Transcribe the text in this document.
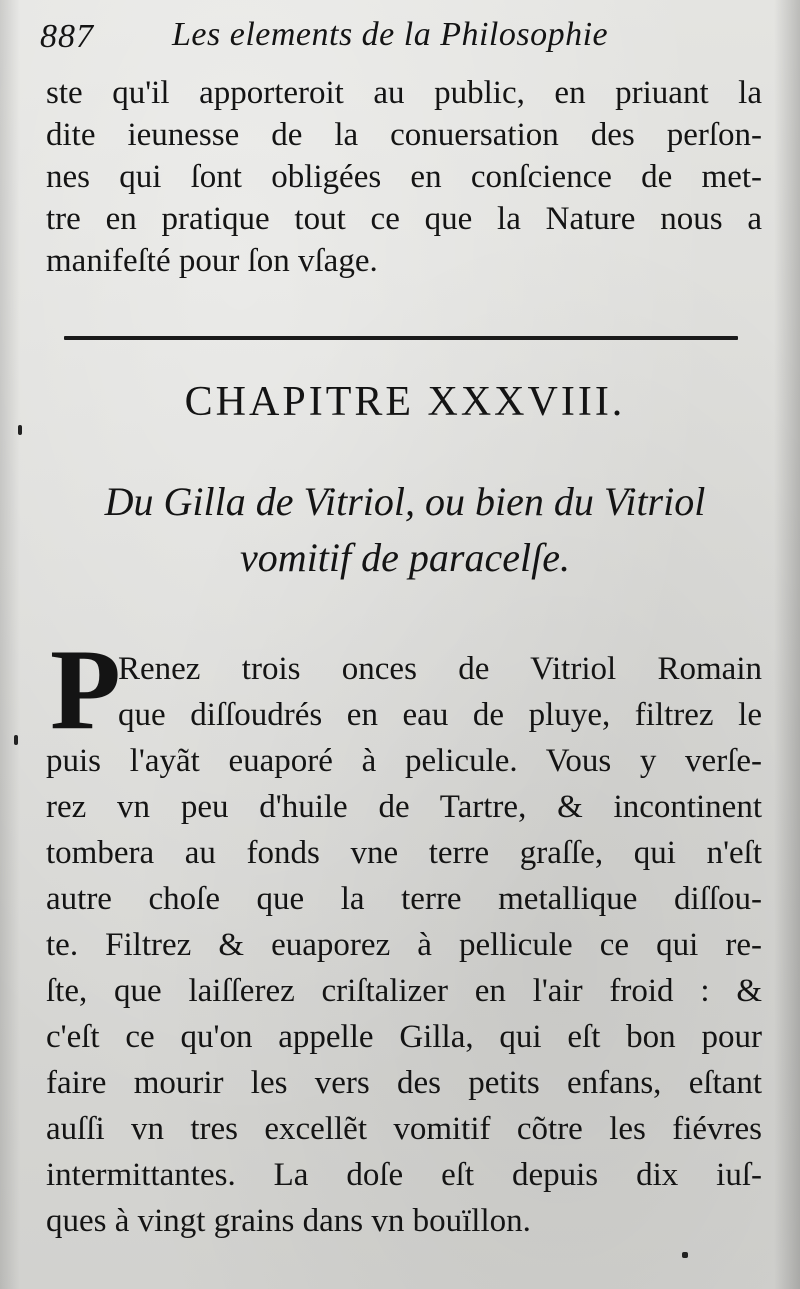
887 Les elements de la Philosophie
ste qu'il apporteroit au public, en priuant la
dite ieunesse de la conuersation des perſon-
nes qui ſont obligées en conſcience de met-
tre en pratique tout ce que la Nature nous a
manifeſté pour ſon vſage.
CHAPITRE XXXVIII.
Du Gilla de Vitriol, ou bien du Vitriol
vomitif de paracelſe.
P
Renez trois onces de Vitriol Romain
que diſſoudrés en eau de pluye, filtrez le
puis l'ayãt euaporé à pelicule. Vous y verſe-
rez vn peu d'huile de Tartre, & incontinent
tombera au fonds vne terre graſſe, qui n'eſt
autre choſe que la terre metallique diſſou-
te. Filtrez & euaporez à pellicule ce qui re-
ſte, que laiſſerez criſtalizer en l'air froid : &
c'eſt ce qu'on appelle Gilla, qui eſt bon pour
faire mourir les vers des petits enfans, eſtant
auſſi vn tres excellẽt vomitif cõtre les fiévres
intermittantes. La doſe eſt depuis dix iuſ-
ques à vingt grains dans vn bouïllon.
